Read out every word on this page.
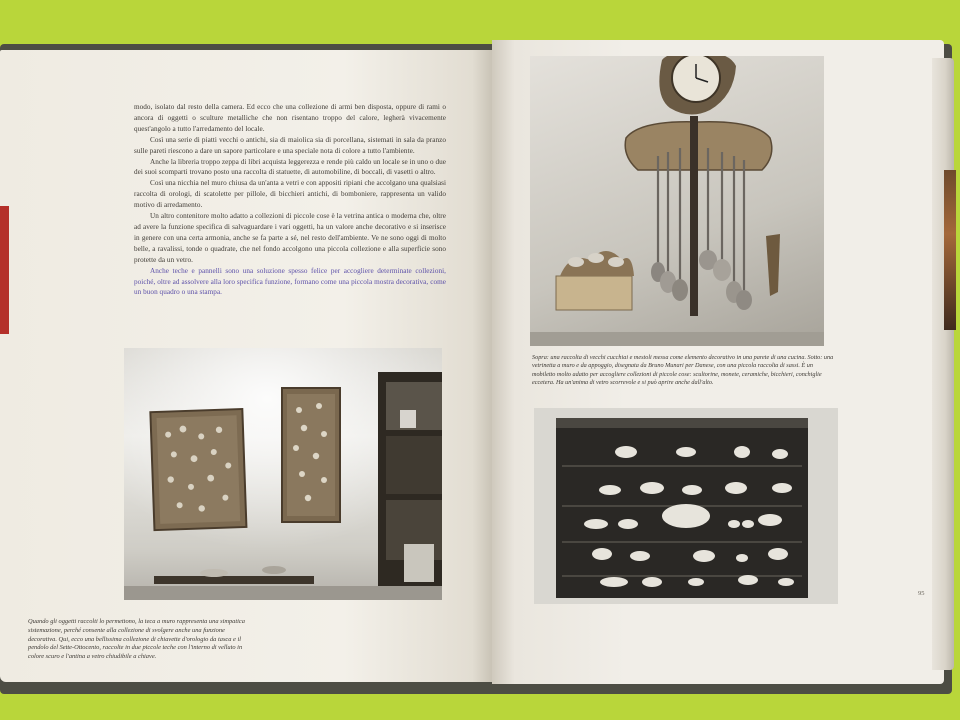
modo, isolato dal resto della camera. Ed ecco che una collezione di armi ben disposta, oppure di rami o ancora di oggetti o sculture metalliche che non risentano troppo del calore, legherà vivacemente quest'angolo a tutto l'arredamento del locale.

Così una serie di piatti vecchi o antichi, sia di maiolica sia di porcellana, sistemati in sala da pranzo sulle pareti riescono a dare un sapore particolare e una speciale nota di colore a tutto l'ambiente.

Anche la libreria troppo zeppa di libri acquista leggerezza e rende più caldo un locale se in uno o due dei suoi scomparti trovano posto una raccolta di statuette, di automobiline, di boccali, di vasetti o altro.

Così una nicchia nel muro chiusa da un'anta a vetri e con appositi ripiani che accolgano una qualsiasi raccolta di orologi, di scatolette per pillole, di bicchieri antichi, di bomboniere, rappresenta un valido motivo di arredamento.

Un altro contenitore molto adatto a collezioni di piccole cose è la vetrina antica o moderna che, oltre ad avere la funzione specifica di salvaguardare i vari oggetti, ha un valore anche decorativo e si inserisce in genere con una certa armonia, anche se fa parte a sé, nel resto dell'ambiente. Ve ne sono oggi di molto belle, a ravalissi, tonde o quadrate, che nel fondo accolgono una piccola collezione e alla superficie sono protette da un vetro.

Anche teche e pannelli sono una soluzione spesso felice per accogliere determinate collezioni, poiché, oltre ad assolvere alla loro specifica funzione, formano come una piccola mostra decorativa, come un buon quadro o una stampa.

Sopra: una raccolta di vecchi cucchiai e mestoli messa come elemento decorativo in una parete di una cucina. Sotto: una vetrinetta a muro e da appoggio, disegnata da Bruno Munari per Danese, con una piccola raccolta di sassi. È un mobiletto molto adatto per accogliere collezioni di piccole cose: scultorine, monete, ceramiche, bicchieri, conchiglie eccetera. Ha un'anima di vetro scorrevole e si può aprire anche dall'alto.
Quando gli oggetti raccolti lo permettono, la teca a muro rappresenta una simpatica sistemazione, perché consente alla collezione di svolgere anche una funzione decorativa. Qui, ecco una bellissima collezione di chiavette d'orologio da tasca e il pendolo del Sette-Ottocento, raccolte in due piccole teche con l'interno di velluto in colore scuro e l'antina a vetro chiudibile a chiave.
95
